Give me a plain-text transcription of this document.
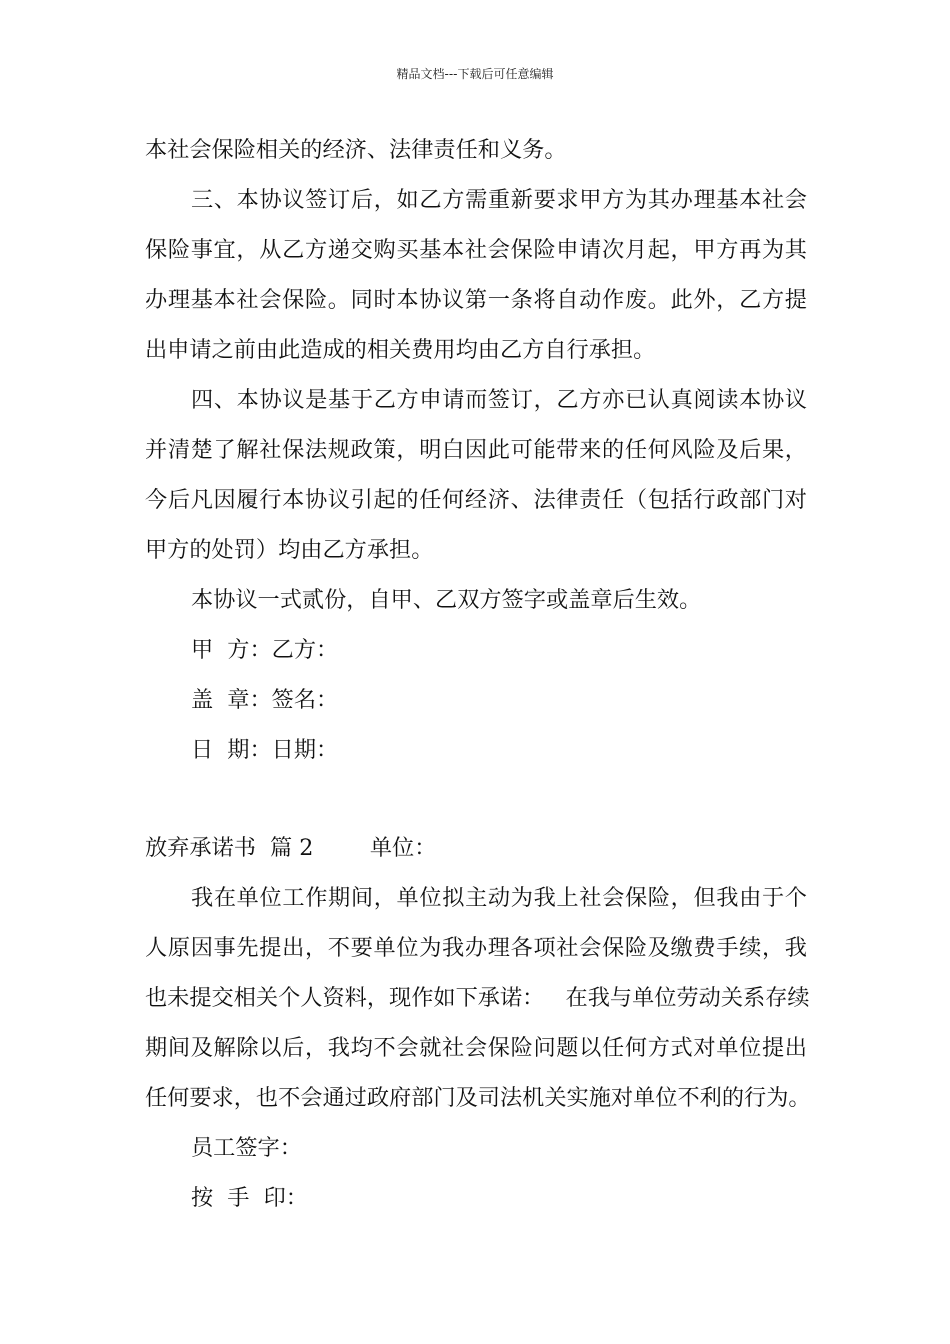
精品文档---下载后可任意编辑
本社会保险相关的经济、法律责任和义务。
三、本协议签订后，如乙方需重新要求甲方为其办理基本社会
保险事宜，从乙方递交购买基本社会保险申请次月起，甲方再为其
办理基本社会保险。同时本协议第一条将自动作废。此外，乙方提
出申请之前由此造成的相关费用均由乙方自行承担。
四、本协议是基于乙方申请而签订，乙方亦已认真阅读本协议
并清楚了解社保法规政策，明白因此可能带来的任何风险及后果，
今后凡因履行本协议引起的任何经济、法律责任（包括行政部门对
甲方的处罚）均由乙方承担。
本协议一式贰份，自甲、乙双方签字或盖章后生效。
甲  方：乙方：
盖  章：签名：
日  期：日期：
放弃承诺书  篇 2        单位：
我在单位工作期间，单位拟主动为我上社会保险，但我由于个
人原因事先提出，不要单位为我办理各项社会保险及缴费手续，我
也未提交相关个人资料，现作如下承诺：   在我与单位劳动关系存续
期间及解除以后，我均不会就社会保险问题以任何方式对单位提出
任何要求，也不会通过政府部门及司法机关实施对单位不利的行为。
员工签字：
按  手  印：
